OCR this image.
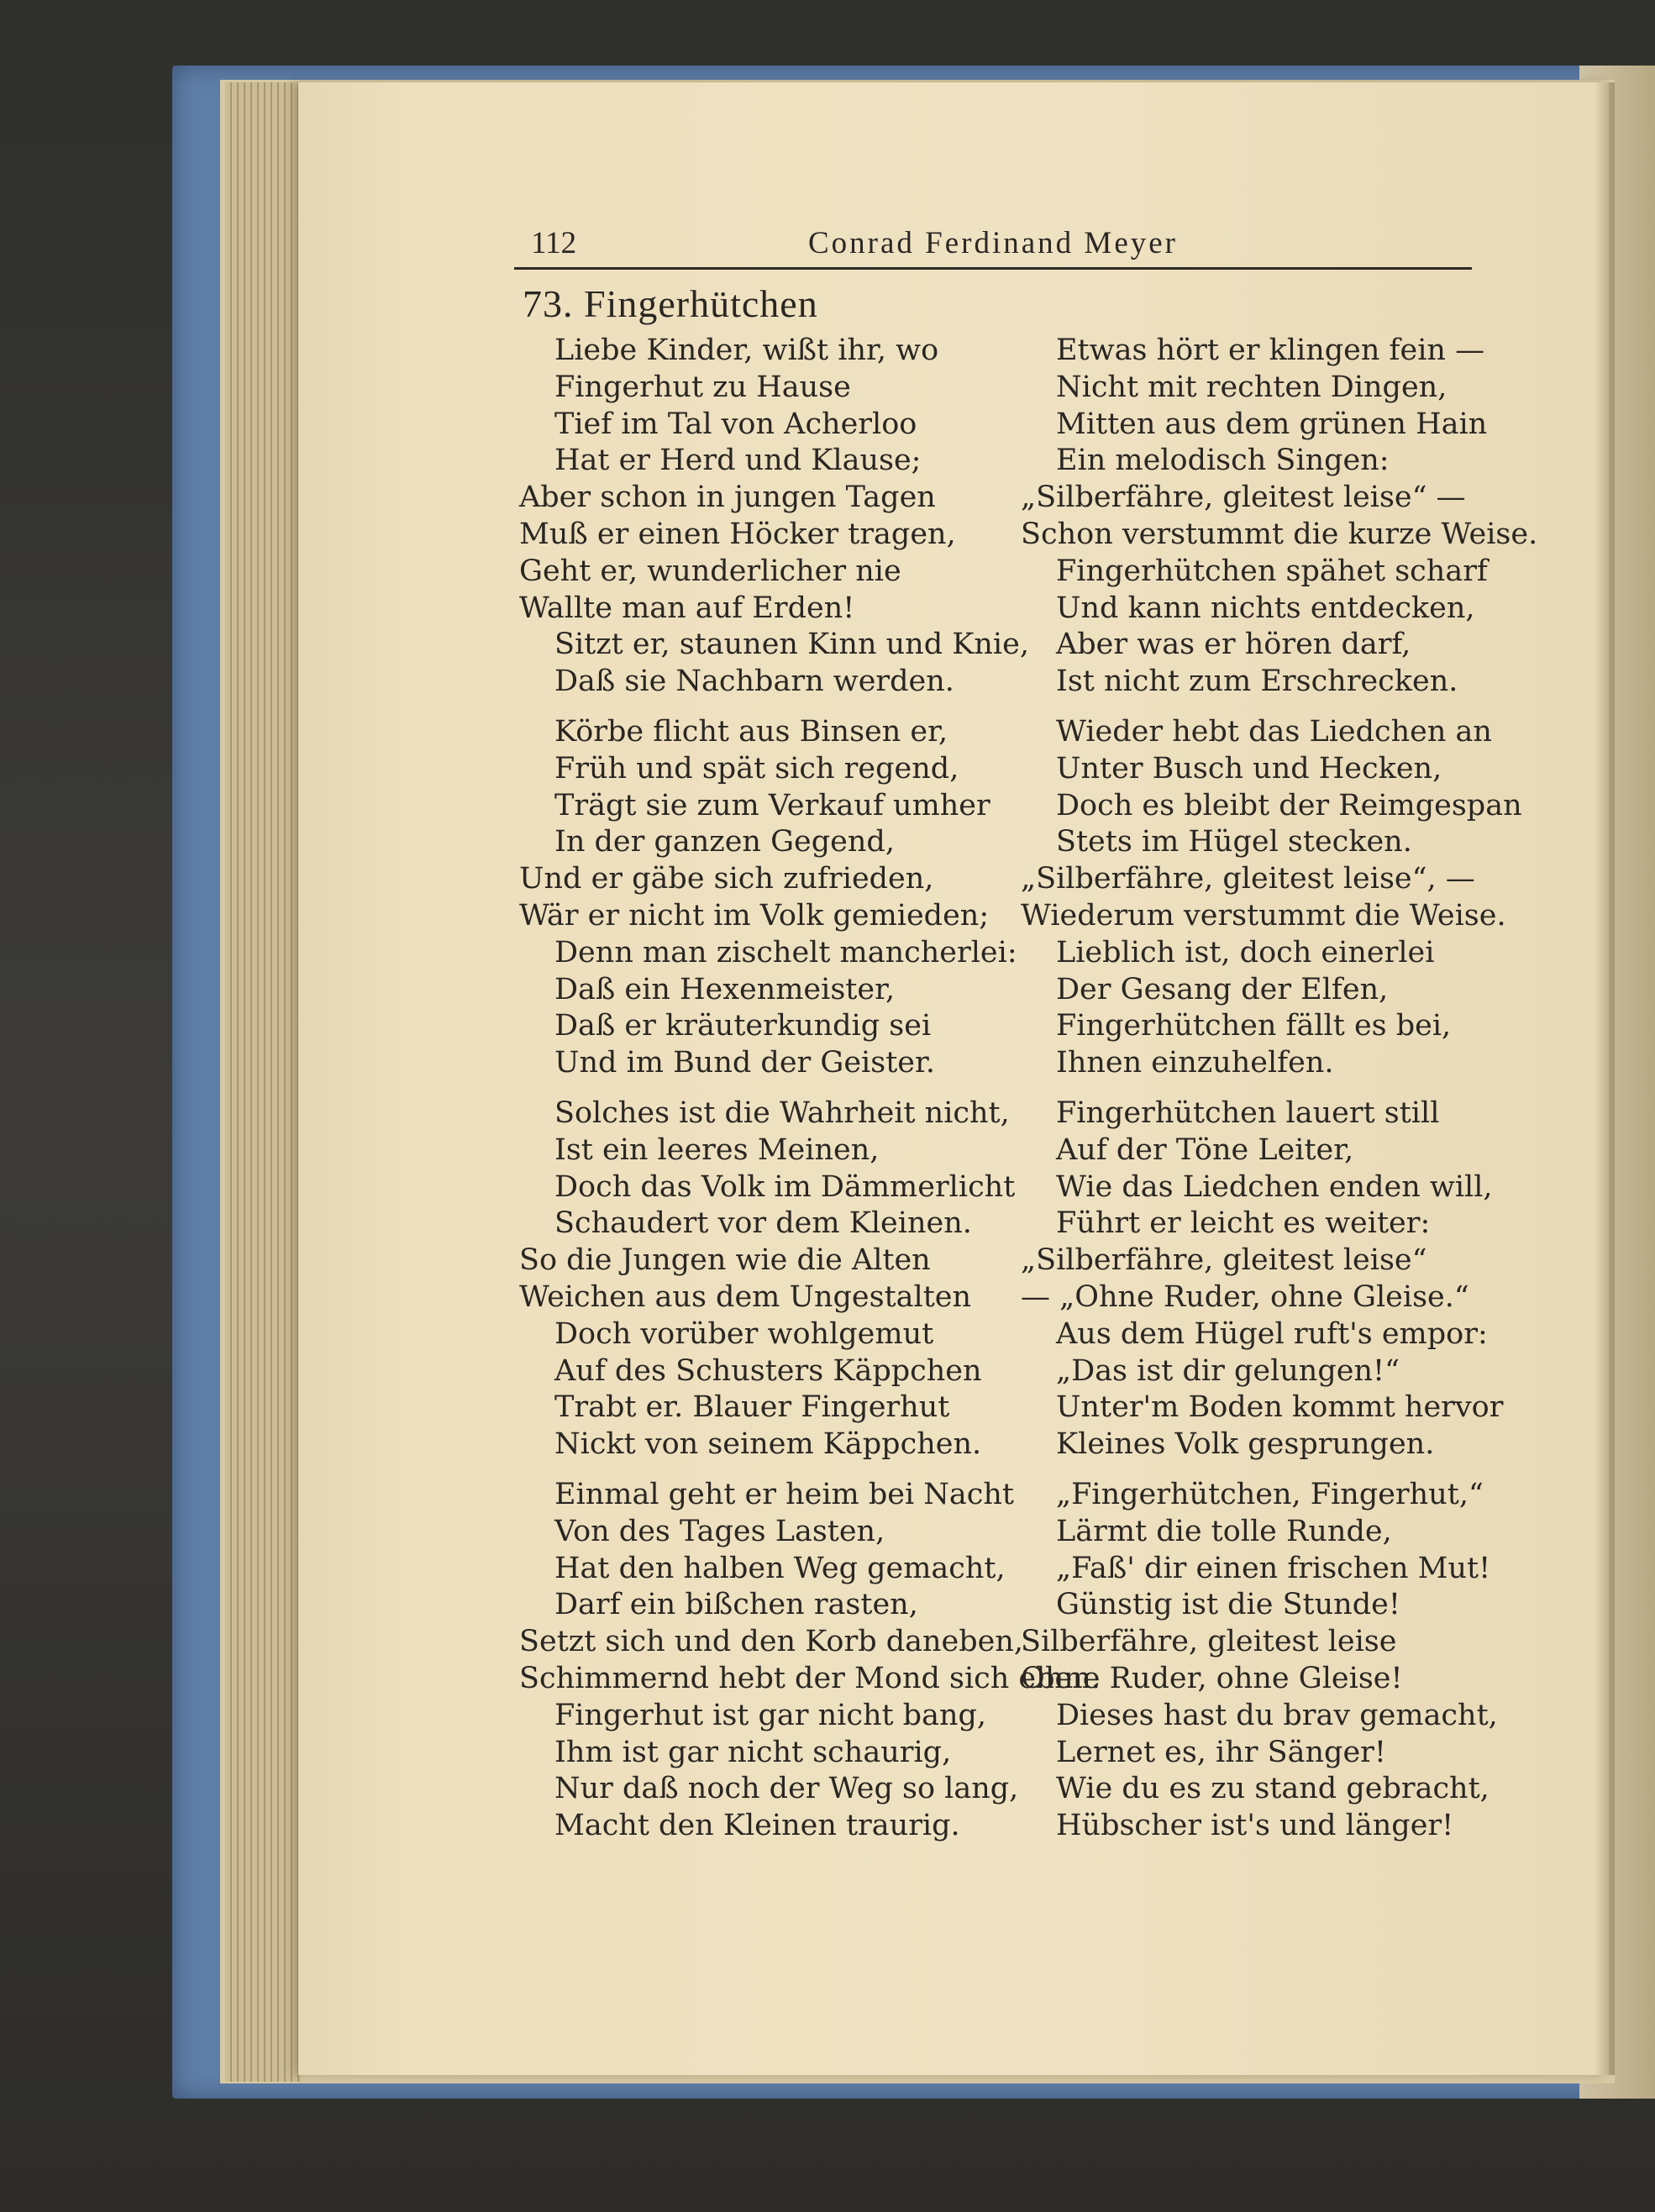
112	Conrad Ferdinand Meyer
73. Fingerhütchen
Liebe Kinder, wißt ihr, wo
Fingerhut zu Hause
Tief im Tal von Acherloo
Hat er Herd und Klause;
Aber schon in jungen Tagen
Muß er einen Höcker tragen,
Geht er, wunderlicher nie
Wallte man auf Erden!
Sitzt er, staunen Kinn und Knie,
Daß sie Nachbarn werden.
Körbe flicht aus Binsen er,
Früh und spät sich regend,
Trägt sie zum Verkauf umher
In der ganzen Gegend,
Und er gäbe sich zufrieden,
Wär er nicht im Volk gemieden;
Denn man zischelt mancherlei:
Daß ein Hexenmeister,
Daß er kräuterkundig sei
Und im Bund der Geister.
Solches ist die Wahrheit nicht,
Ist ein leeres Meinen,
Doch das Volk im Dämmerlicht
Schaudert vor dem Kleinen.
So die Jungen wie die Alten
Weichen aus dem Ungestalten
Doch vorüber wohlgemut
Auf des Schusters Käppchen
Trabt er. Blauer Fingerhut
Nickt von seinem Käppchen.
Einmal geht er heim bei Nacht
Von des Tages Lasten,
Hat den halben Weg gemacht,
Darf ein bißchen rasten,
Setzt sich und den Korb daneben,
Schimmernd hebt der Mond sich eben.
Fingerhut ist gar nicht bang,
Ihm ist gar nicht schaurig,
Nur daß noch der Weg so lang,
Macht den Kleinen traurig.
Etwas hört er klingen fein —
Nicht mit rechten Dingen,
Mitten aus dem grünen Hain
Ein melodisch Singen:
„Silberfähre, gleitest leise“ —
Schon verstummt die kurze Weise.
Fingerhütchen spähet scharf
Und kann nichts entdecken,
Aber was er hören darf,
Ist nicht zum Erschrecken.
Wieder hebt das Liedchen an
Unter Busch und Hecken,
Doch es bleibt der Reimgespan
Stets im Hügel stecken.
„Silberfähre, gleitest leise“, —
Wiederum verstummt die Weise.
Lieblich ist, doch einerlei
Der Gesang der Elfen,
Fingerhütchen fällt es bei,
Ihnen einzuhelfen.
Fingerhütchen lauert still
Auf der Töne Leiter,
Wie das Liedchen enden will,
Führt er leicht es weiter:
„Silberfähre, gleitest leise“
— „Ohne Ruder, ohne Gleise.“
Aus dem Hügel ruft's empor:
„Das ist dir gelungen!“
Unter'm Boden kommt hervor
Kleines Volk gesprungen.
„Fingerhütchen, Fingerhut,“
Lärmt die tolle Runde,
„Faß' dir einen frischen Mut!
Günstig ist die Stunde!
Silberfähre, gleitest leise
Ohne Ruder, ohne Gleise!
Dieses hast du brav gemacht,
Lernet es, ihr Sänger!
Wie du es zu stand gebracht,
Hübscher ist's und länger!
